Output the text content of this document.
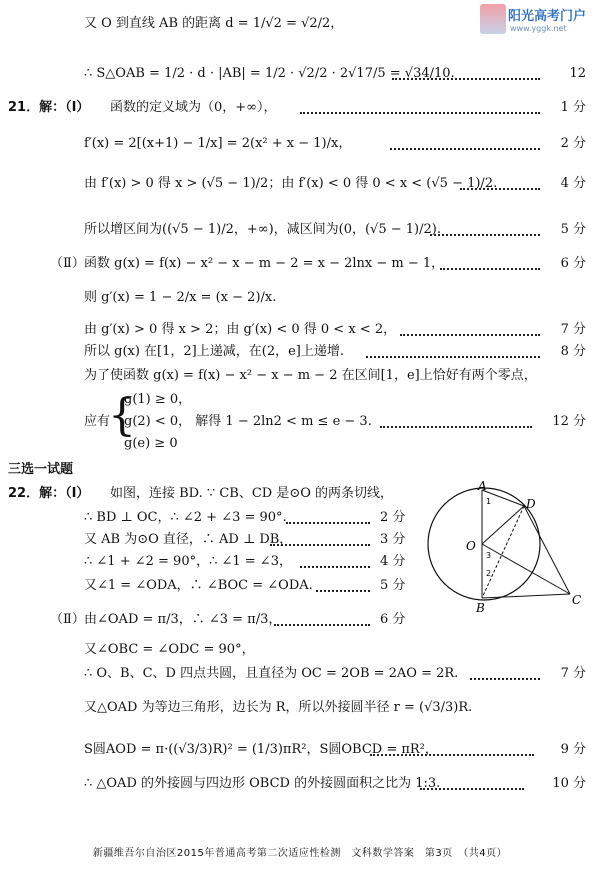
阳光高考门户
www.yggk.net
又 O 到直线 AB 的距离 d = 1/√2 = √2/2，
∴ S△OAB = 1/2 · d · |AB| = 1/2 · √2/2 · 2√17/5 = √34/10.	12
21．解：（Ⅰ） 函数的定义域为（0，+∞），	1 分
f′(x) = 2[(x+1) − 1/x] = 2(x² + x − 1)/x，	2 分
由 f′(x) > 0 得 x > (√5 − 1)/2；由 f′(x) < 0 得 0 < x < (√5 − 1)/2.	4 分
所以增区间为((√5 − 1)/2，+∞)，减区间为(0，(√5 − 1)/2).	5 分
（Ⅱ） 函数 g(x) = f(x) − x² − x − m − 2 = x − 2lnx − m − 1，	6 分
则 g′(x) = 1 − 2/x = (x − 2)/x.
由 g′(x) > 0 得 x > 2；由 g′(x) < 0 得 0 < x < 2，	7 分
所以 g(x) 在[1，2]上递减，在(2，e]上递增.	8 分
为了使函数 g(x) = f(x) − x² − x − m − 2 在区间[1，e]上恰好有两个零点，
应有
{
g(1) ≥ 0，
g(2) < 0， 解得 1 − 2ln2 < m ≤ e − 3.
g(e) ≥ 0
12 分
三选一试题
22．解：（Ⅰ） 如图，连接 BD. ∵ CB、CD 是⊙O 的两条切线，
∴ BD ⊥ OC，∴ ∠2 + ∠3 = 90°.	2 分
又 AB 为⊙O 直径，∴ AD ⊥ DB，	3 分
∴ ∠1 + ∠2 = 90°，∴ ∠1 = ∠3，	4 分
又∠1 = ∠ODA，∴ ∠BOC = ∠ODA.	5 分
（Ⅱ） 由∠OAD = π/3，∴ ∠3 = π/3，	6 分
又∠OBC = ∠ODC = 90°，
∴ O、B、C、D 四点共圆，且直径为 OC = 2OB = 2AO = 2R.	7 分
又△OAD 为等边三角形，边长为 R，所以外接圆半径 r = (√3/3)R.
S圆AOD = π·((√3/3)R)² = (1/3)πR²，S圆OBCD = πR²，	9 分
∴ △OAD 的外接圆与四边形 OBCD 的外接圆面积之比为 1:3.	10 分
A
D
O
B
C
1
2
3
新疆维吾尔自治区2015年普通高考第二次适应性检测　文科数学答案　第3页　（共4页）
